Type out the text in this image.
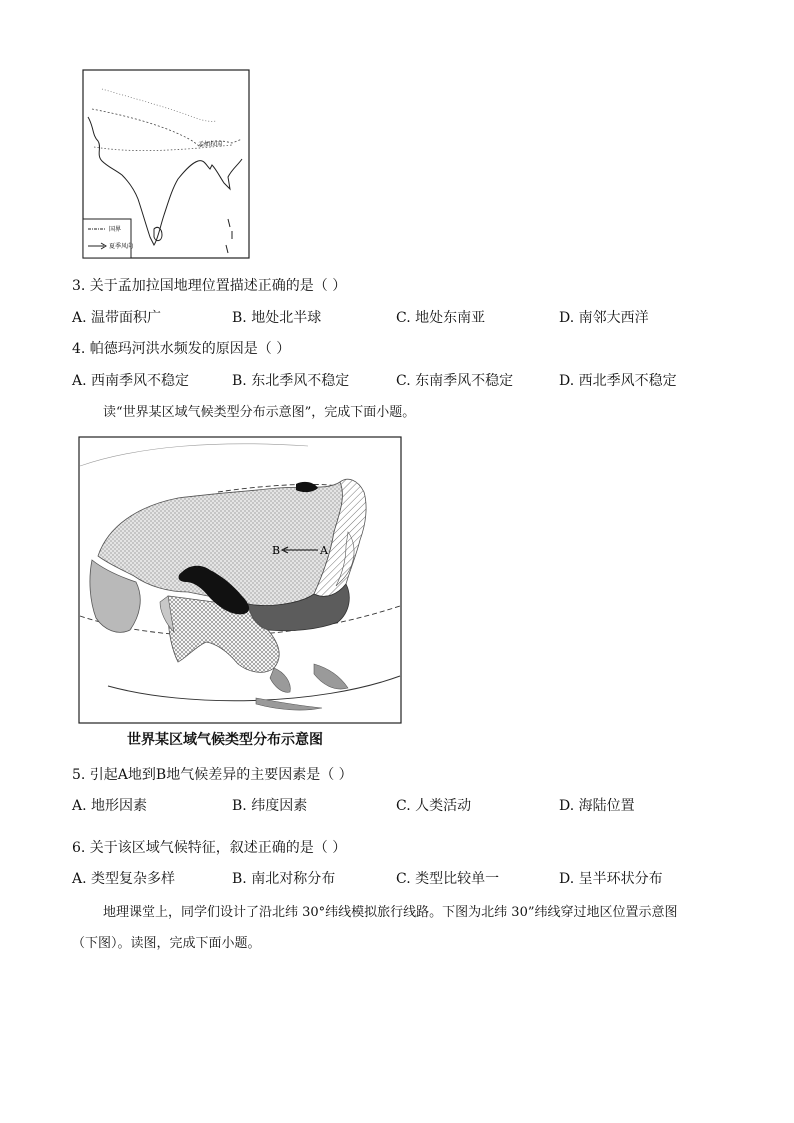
孟加拉国
国界
夏季风向
3. 关于孟加拉国地理位置描述正确的是（ ）
A. 温带面积广	B. 地处北半球	C. 地处东南亚	D. 南邻大西洋
4. 帕德玛河洪水频发的原因是（ ）
A. 西南季风不稳定	B. 东北季风不稳定	C. 东南季风不稳定	D. 西北季风不稳定
读“世界某区域气候类型分布示意图”，完成下面小题。
B	A
世界某区域气候类型分布示意图
5. 引起A地到B地气候差异的主要因素是（ ）
A. 地形因素	B. 纬度因素	C. 人类活动	D. 海陆位置
6. 关于该区域气候特征，叙述正确的是（ ）
A. 类型复杂多样	B. 南北对称分布	C. 类型比较单一	D. 呈半环状分布
地理课堂上，同学们设计了沿北纬 30°纬线模拟旅行线路。下图为北纬 30”纬线穿过地区位置示意图
（下图）。读图，完成下面小题。
